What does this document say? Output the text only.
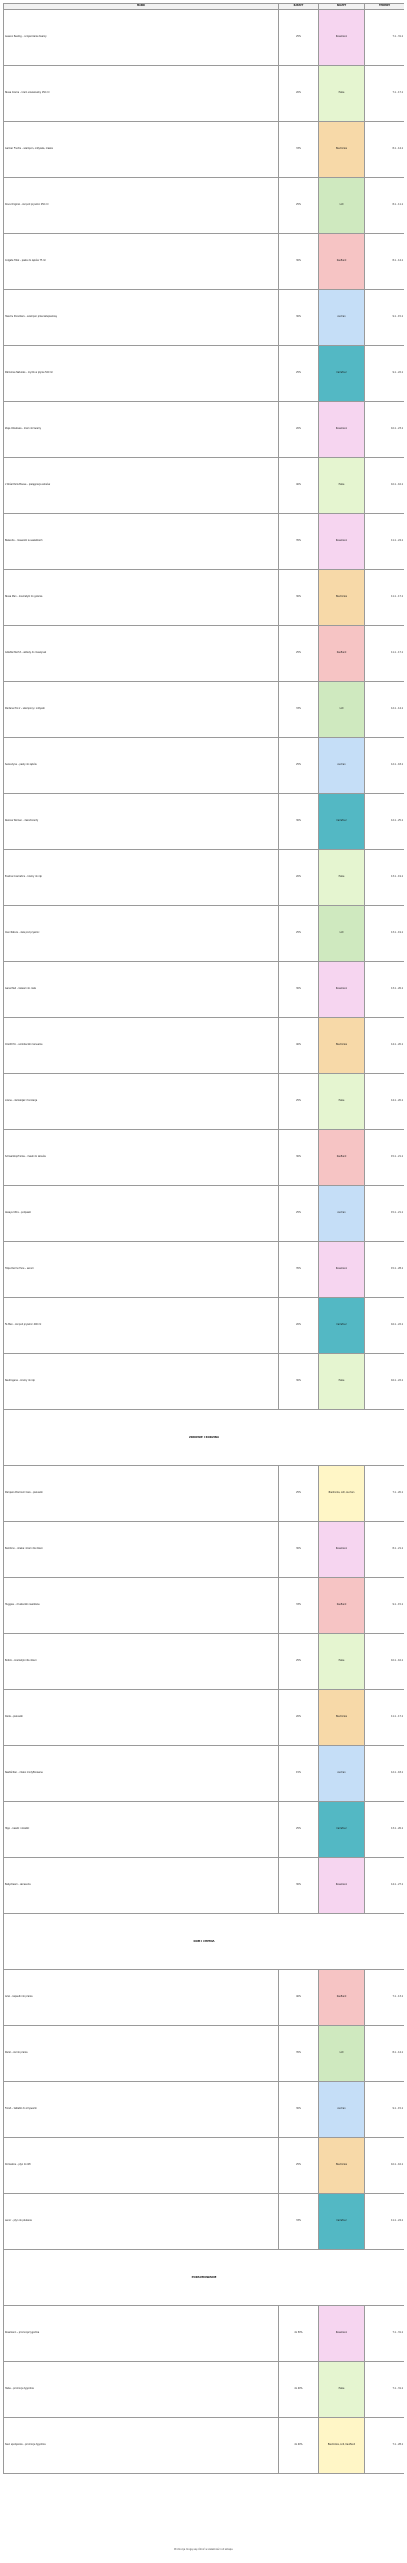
MARKI	RABATY	SKLEPY	TERMINY
Aveeno Peeling – oczyszczanie twarzy	25%	Rossmann	7.1 - 31.1
Nivea Creme – krem uniwersalny 150 ml	20%	Hebe	7.1 - 17.1
Garnier Fructis – szampon, odżywka, maska	33%	Biedronka	8.1 - 14.1
Dove Original – żel pod prysznic 250 ml	25%	Lidl	8.1 - 11.1
Colgate Total – pasta do zębów 75 ml	30%	Kaufland	8.1 - 14.1
Head & Shoulders – szampon przeciwłupieżowy	30%	Auchan	9.1 - 15.1
Palmolive Naturals – mydło w płynie 500 ml	25%	Carrefour	9.1 - 22.1
Ziaja Oliwkowa – krem do twarzy	20%	Rossmann	10.1 - 23.1
L'Oréal Paris Elseve – pielęgnacja włosów	40%	Hebe	10.1 - 16.1
Bielenda – maseczki w saszetkach	35%	Rossmann	11.1 - 24.1
Nivea Men – kosmetyki do golenia	30%	Biedronka	11.1 - 17.1
Gillette Mach3 – wkłady do maszynek	25%	Kaufland	11.1 - 17.1
Pantene Pro-V – szampony i odżywki	33%	Lidl	12.1 - 14.1
Sensodyne – pasty do zębów	25%	Auchan	12.1 - 18.1
Rexona Women – dezodoranty	30%	Carrefour	12.1 - 25.1
Eveline Cosmetics – kremy do rąk	20%	Hebe	13.1 - 19.1
Cien Nature – żele pod prysznic	25%	Lidl	13.1 - 19.1
Isana Med – balsam do ciała	30%	Rossmann	13.1 - 26.1
Oral-B Pro – szczoteczki manualne	40%	Biedronka	14.1 - 20.1
Lirene – demakijaż i tonizacja	25%	Hebe	14.1 - 20.1
Schwarzkopf Gliss – maski do włosów	30%	Kaufland	15.1 - 21.1
Always Ultra – podpaski	25%	Auchan	15.1 - 21.1
Tołpa Dermo Face – serum	35%	Rossmann	15.1 - 28.1
Fa Men – żel pod prysznic 400 ml	20%	Carrefour	16.1 - 22.1
Neutrogena – kremy do rąk	30%	Hebe	16.1 - 22.1
ZDROWIE I RODZINA			
Pampers Premium Care – pieluszki	25%	Biedronka, Lidl, Auchan	7.1 - 20.1
Bambino – oliwka i krem dla dzieci	30%	Rossmann	8.1 - 21.1
Huggies – chusteczki nawilżane	33%	Kaufland	9.1 - 15.1
Bobini – kosmetyki dla dzieci	25%	Hebe	10.1 - 16.1
Dada – pieluszki	20%	Biedronka	11.1 - 17.1
Nestlé Nan – mleko modyfikowane	15%	Auchan	12.1 - 18.1
Hipp – kaszki i obiadki	25%	Carrefour	13.1 - 26.1
Babydream – akcesoria	30%	Rossmann	14.1 - 27.1
DOM I CHEMIA			
Ariel – kapsułki do prania	40%	Kaufland	7.1 - 13.1
Persil – żel do prania	35%	Lidl	8.1 - 14.1
Finish – tabletki do zmywarki	30%	Auchan	9.1 - 15.1
Domestos – płyn do WC	25%	Biedronka	10.1 - 16.1
Lenor – płyn do płukania	33%	Carrefour	11.1 - 24.1
PODSUMOWANIE			
Rossmann – promocje tygodnia	do 50%	Rossmann	7.1 - 31.1
Hebe – promocje tygodnia	do 40%	Hebe	7.1 - 31.1
Sieci spożywcze – promocje tygodnia	do 40%	Biedronka, Lidl, Kaufland	7.1 - 28.1
Promocje mogą się różnić w zależności od sklepu
